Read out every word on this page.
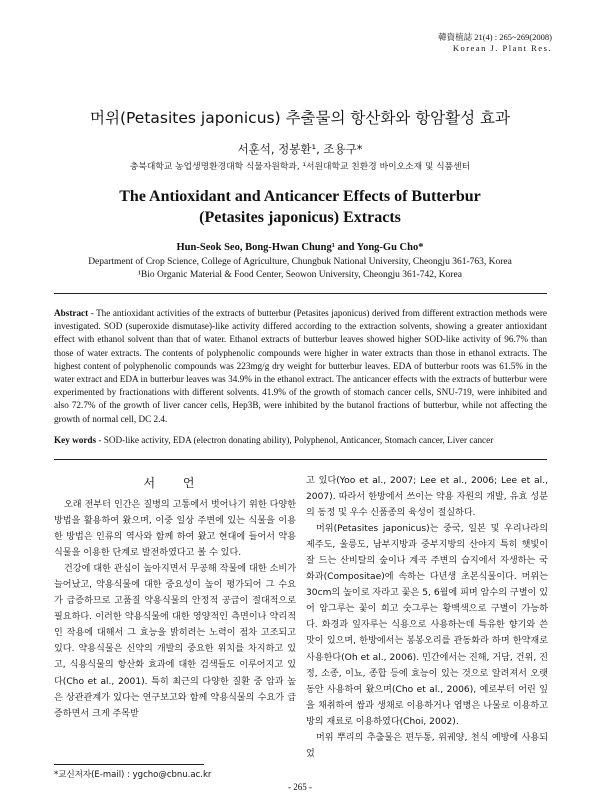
韓資植誌 21(4) : 265~269(2008)
Korean J. Plant Res.
머위(Petasites japonicus) 추출물의 항산화와 항암활성 효과
서훈석, 정봉환¹, 조용구*
충북대학교 농업생명환경대학 식물자원학과, ¹서원대학교 친환경 바이오소재 및 식품센터
The Antioxidant and Anticancer Effects of Butterbur
(Petasites japonicus) Extracts
Hun-Seok Seo, Bong-Hwan Chung¹ and Yong-Gu Cho*
Department of Crop Science, College of Agriculture, Chungbuk National University, Cheongju 361-763, Korea
¹Bio Organic Material & Food Center, Seowon University, Cheongju 361-742, Korea
Abstract - The antioxidant activities of the extracts of butterbur (Petasites japonicus) derived from different extraction methods were investigated. SOD (superoxide dismutase)-like activity differed according to the extraction solvents, showing a greater antioxidant effect with ethanol solvent than that of water. Ethanol extracts of butterbur leaves showed higher SOD-like activity of 96.7% than those of water extracts. The contents of polyphenolic compounds were higher in water extracts than those in ethanol extracts. The highest content of polyphenolic compounds was 223mg/g dry weight for butterbur leaves. EDA of butterbur roots was 61.5% in the water extract and EDA in butterbur leaves was 34.9% in the ethanol extract. The anticancer effects with the extracts of butterbur were experimented by fractionations with different solvents. 41.9% of the growth of stomach cancer cells, SNU-719, were inhibited and also 72.7% of the growth of liver cancer cells, Hep3B, were inhibited by the butanol fractions of butterbur, while not affecting the growth of normal cell, DC 2.4.
Key words - SOD-like activity, EDA (electron donating ability), Polyphenol, Anticancer, Stomach cancer, Liver cancer
서 언

오래 전부터 인간은 질병의 고통에서 벗어나기 위한 다양한 방법을 활용하여 왔으며, 이중 일상 주변에 있는 식물을 이용한 방법은 인류의 역사와 함께 하여 왔고 현대에 들어서 약용식물을 이용한 단계로 발전하였다고 볼 수 있다.

건강에 대한 관심이 높아지면서 무공해 작물에 대한 소비가 늘어났고, 약용식물에 대한 중요성이 높이 평가되어 그 수요가 급증하므로 고품질 약용식물의 안정적 공급이 절대적으로 필요하다. 이러한 약용식물에 대한 영양적인 측면이나 약리적인 작용에 대해서 그 효능을 밝히려는 노력이 점차 고조되고 있다. 약용식물은 신약의 개발의 중요한 위치를 차지하고 있고, 식용식물의 항산화 효과에 대한 검색들도 이루어지고 있다(Cho et al., 2001). 특히 최근의 다양한 질환 중 암과 높은 상관관계가 있다는 연구보고와 함께 약용식물의 수요가 급증하면서 크게 주목받

고 있다(Yoo et al., 2007; Lee et al., 2006; Lee et al., 2007). 따라서 한방에서 쓰이는 약용 자원의 개발, 유효 성분의 동정 및 우수 신품종의 육성이 절실하다.

머위(Petasites japonicus)는 중국, 일본 및 우리나라의 제주도, 울릉도, 남부지방과 중부지방의 산야지 특히 햇빛이 잘 드는 산비탈의 숲이나 계곡 주변의 습지에서 자생하는 국화과(Compositae)에 속하는 다년생 초본식물이다. 머위는 30cm의 높이로 자라고 꽃은 5, 6월에 피며 암수의 구별이 있어 암그루는 꽃이 희고 숫그루는 황백색으로 구별이 가능하다. 화경과 잎자루는 식용으로 사용하는데 특유한 향기와 쓴맛이 있으며, 한방에서는 봉봉오리를 관동화라 하며 한약재로 사용한다(Oh et al., 2006). 민간에서는 진해, 거담, 건위, 진정, 소종, 이뇨, 종합 등에 효능이 있는 것으로 알려져서 오랫동안 사용하여 왔으며(Cho et al., 2006), 예로부터 어린 잎을 채취하여 쌈과 생채로 이용하거나 엽병은 나물로 이용하고 방의 재료로 이용하였다(Choi, 2002).

머위 뿌리의 추출물은 편두통, 위궤양, 천식 예방에 사용되었

*교신저자(E-mail) : ygcho@cbnu.ac.kr
- 265 -
